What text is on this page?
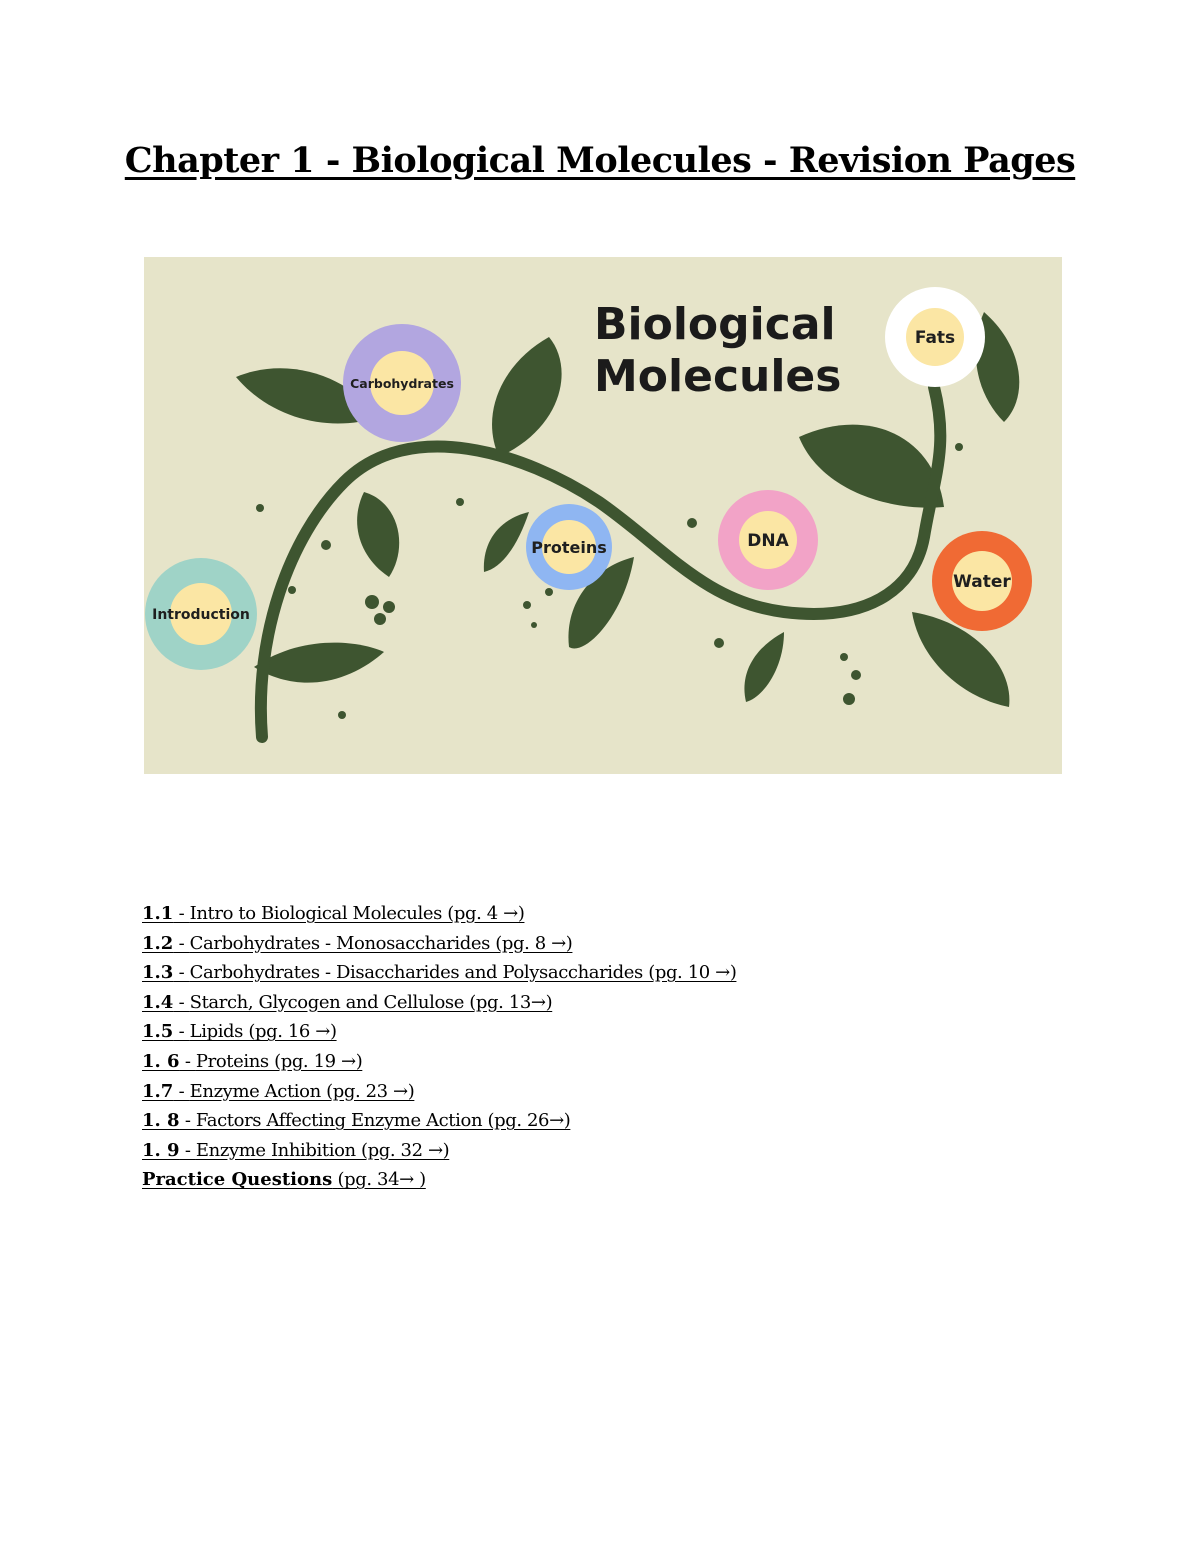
Chapter 1 - Biological Molecules - Revision Pages
Biological
Molecules
Introduction
Carbohydrates
Proteins	DNA
Fats
Water
1.1 - Intro to Biological Molecules (pg. 4 →)
1.2 - Carbohydrates - Monosaccharides (pg. 8 →)
1.3 - Carbohydrates - Disaccharides and Polysaccharides (pg. 10 →)
1.4 - Starch, Glycogen and Cellulose (pg. 13→)
1.5 - Lipids (pg. 16 →)
1. 6 - Proteins (pg. 19 →)
1.7 - Enzyme Action (pg. 23 →)
1. 8 - Factors Affecting Enzyme Action (pg. 26→)
1. 9 - Enzyme Inhibition (pg. 32 →)
Practice Questions (pg. 34→ )
